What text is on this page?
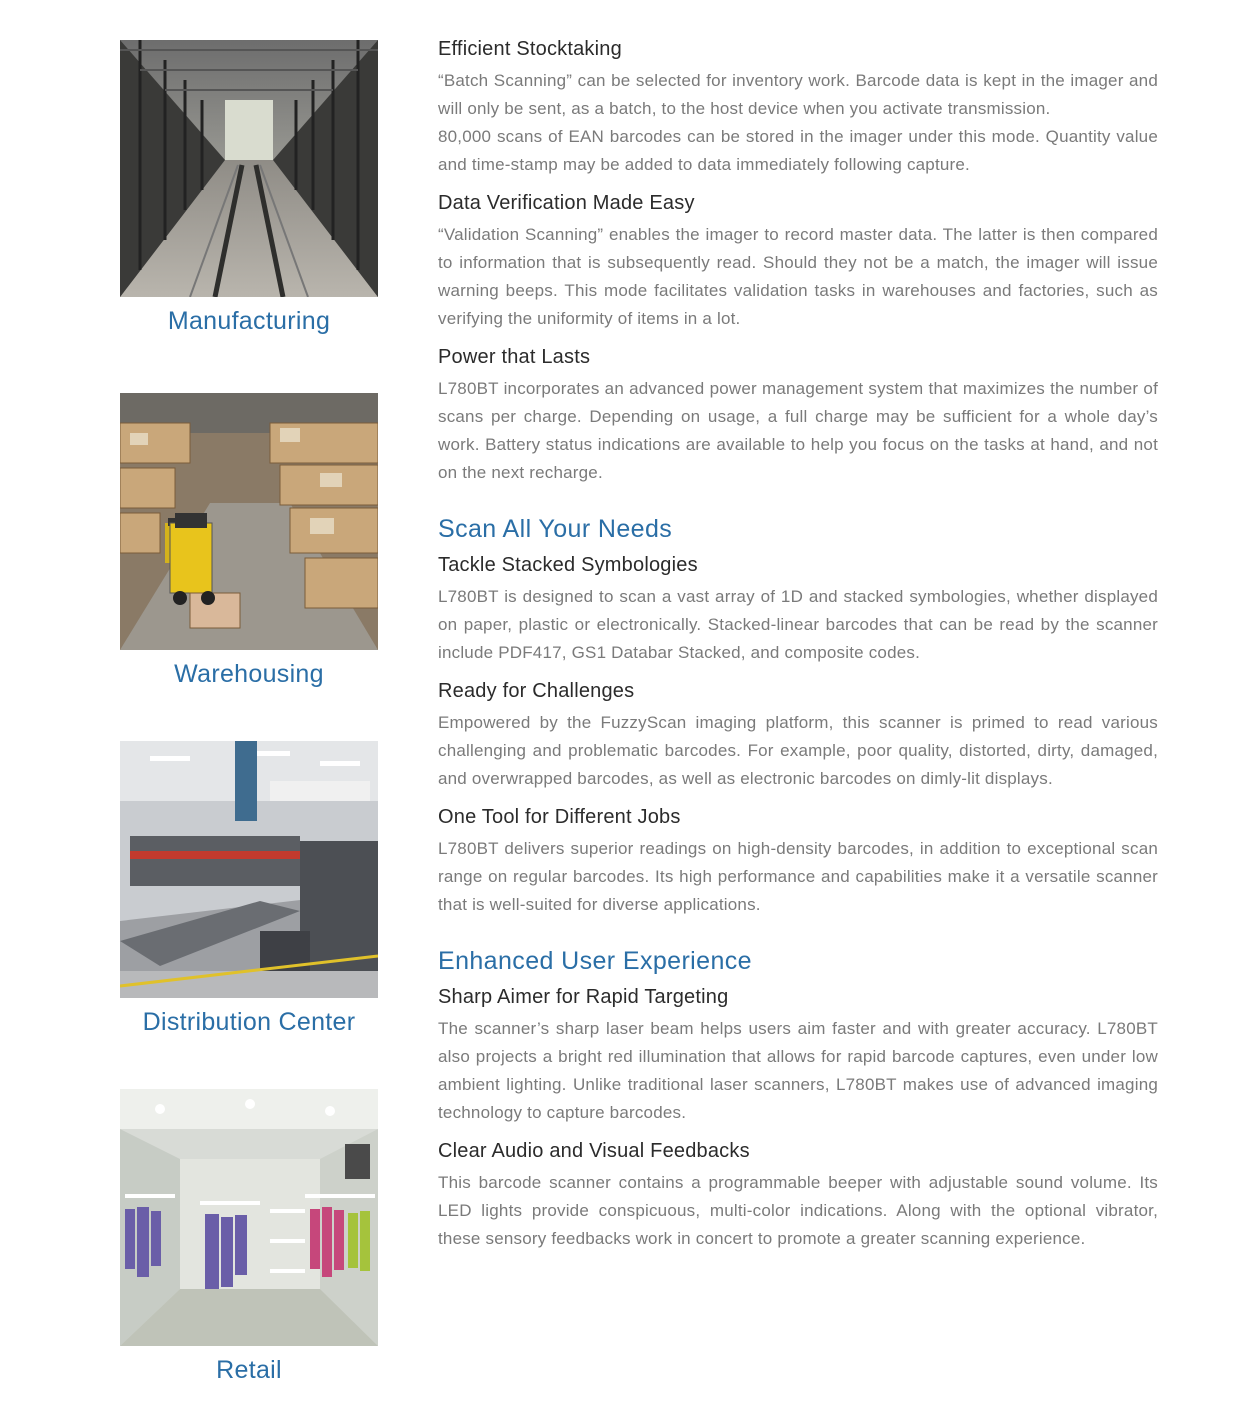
Manufacturing
Warehousing
Distribution Center
Retail
Efficient Stocktaking

“Batch Scanning” can be selected for inventory work. Barcode data is kept in the imager and will only be sent, as a batch, to the host device when you activate transmission.
80,000 scans of EAN barcodes can be stored in the imager under this mode. Quantity value and time-stamp may be added to data immediately following capture.

Data Verification Made Easy

“Validation Scanning” enables the imager to record master data. The latter is then compared to information that is subsequently read. Should they not be a match, the imager will issue warning beeps. This mode facilitates validation tasks in warehouses and factories, such as verifying the uniformity of items in a lot.

Power that Lasts

L780BT incorporates an advanced power management system that maximizes the number of scans per charge. Depending on usage, a full charge may be sufficient for a whole day’s work. Battery status indications are available to help you focus on the tasks at hand, and not on the next recharge.

Scan All Your Needs
Tackle Stacked Symbologies

L780BT is designed to scan a vast array of 1D and stacked symbologies, whether displayed on paper, plastic or electronically. Stacked-linear barcodes that can be read by the scanner include PDF417, GS1 Databar Stacked, and composite codes.

Ready for Challenges

Empowered by the FuzzyScan imaging platform, this scanner is primed to read various challenging and problematic barcodes. For example, poor quality, distorted, dirty, damaged, and overwrapped barcodes, as well as electronic barcodes on dimly-lit displays.

One Tool for Different Jobs

L780BT delivers superior readings on high-density barcodes, in addition to exceptional scan range on regular barcodes. Its high performance and capabilities make it a versatile scanner that is well-suited for diverse applications.

Enhanced User Experience
Sharp Aimer for Rapid Targeting

The scanner’s sharp laser beam helps users aim faster and with greater accuracy. L780BT also projects a bright red illumination that allows for rapid barcode captures, even under low ambient lighting. Unlike traditional laser scanners, L780BT makes use of advanced imaging technology to capture barcodes.

Clear Audio and Visual Feedbacks

This barcode scanner contains a programmable beeper with adjustable sound volume. Its LED lights provide conspicuous, multi-color indications. Along with the optional vibrator, these sensory feedbacks work in concert to promote a greater scanning experience.
